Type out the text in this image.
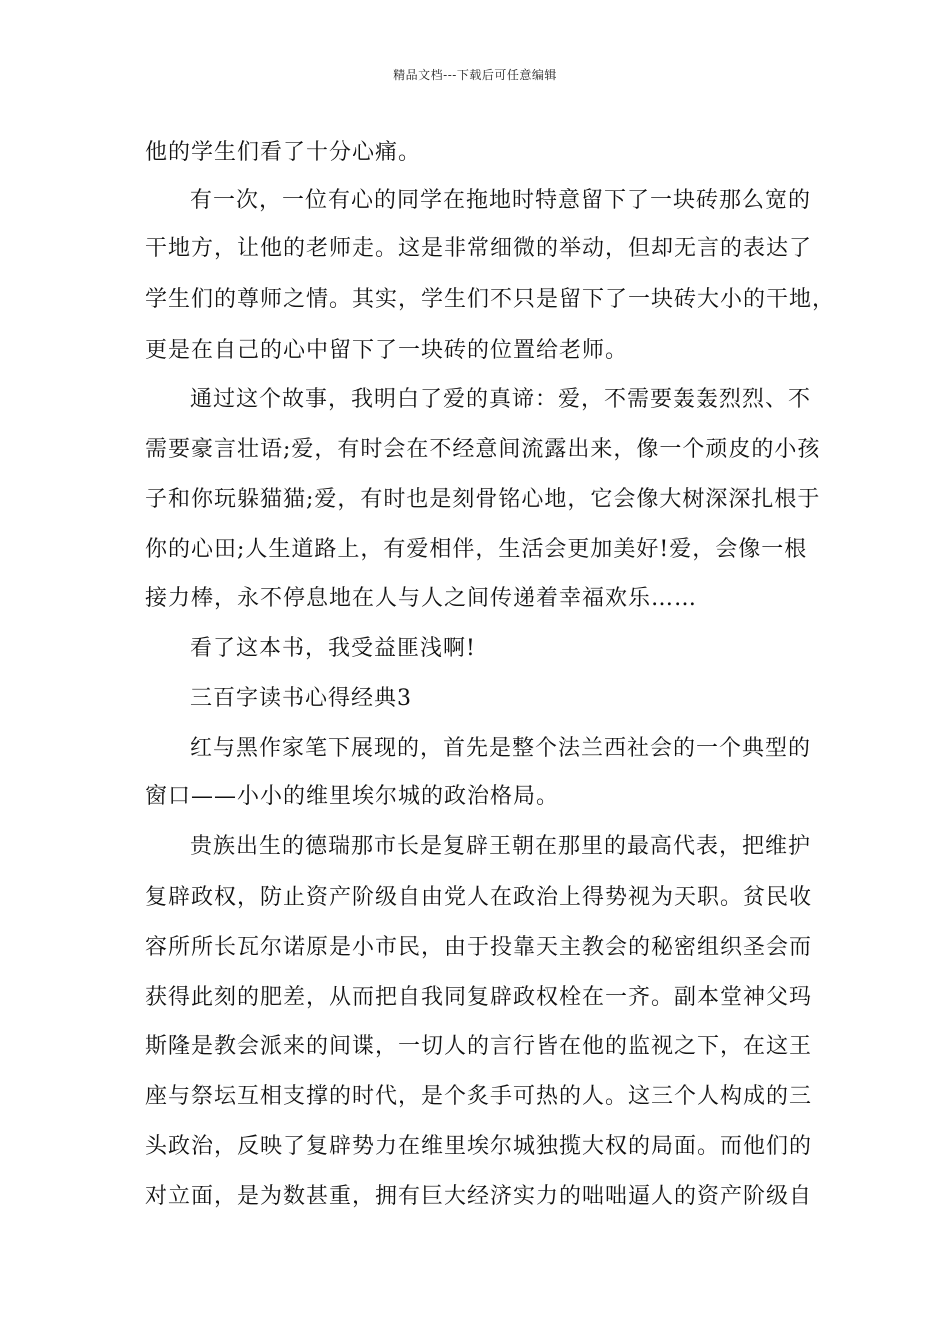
精品文档---下载后可任意编辑
他的学生们看了十分心痛。
有一次，一位有心的同学在拖地时特意留下了一块砖那么宽的
干地方，让他的老师走。这是非常细微的举动，但却无言的表达了
学生们的尊师之情。其实，学生们不只是留下了一块砖大小的干地，
更是在自己的心中留下了一块砖的位置给老师。
通过这个故事，我明白了爱的真谛：爱，不需要轰轰烈烈、不
需要豪言壮语;爱，有时会在不经意间流露出来，像一个顽皮的小孩
子和你玩躲猫猫;爱，有时也是刻骨铭心地，它会像大树深深扎根于
你的心田;人生道路上，有爱相伴，生活会更加美好!爱，会像一根
接力棒，永不停息地在人与人之间传递着幸福欢乐……
看了这本书，我受益匪浅啊!
三百字读书心得经典3
红与黑作家笔下展现的，首先是整个法兰西社会的一个典型的
窗口——小小的维里埃尔城的政治格局。
贵族出生的德瑞那市长是复辟王朝在那里的最高代表，把维护
复辟政权，防止资产阶级自由党人在政治上得势视为天职。贫民收
容所所长瓦尔诺原是小市民，由于投靠天主教会的秘密组织圣会而
获得此刻的肥差，从而把自我同复辟政权栓在一齐。副本堂神父玛
斯隆是教会派来的间谍，一切人的言行皆在他的监视之下，在这王
座与祭坛互相支撑的时代，是个炙手可热的人。这三个人构成的三
头政治，反映了复辟势力在维里埃尔城独揽大权的局面。而他们的
对立面，是为数甚重，拥有巨大经济实力的咄咄逼人的资产阶级自
